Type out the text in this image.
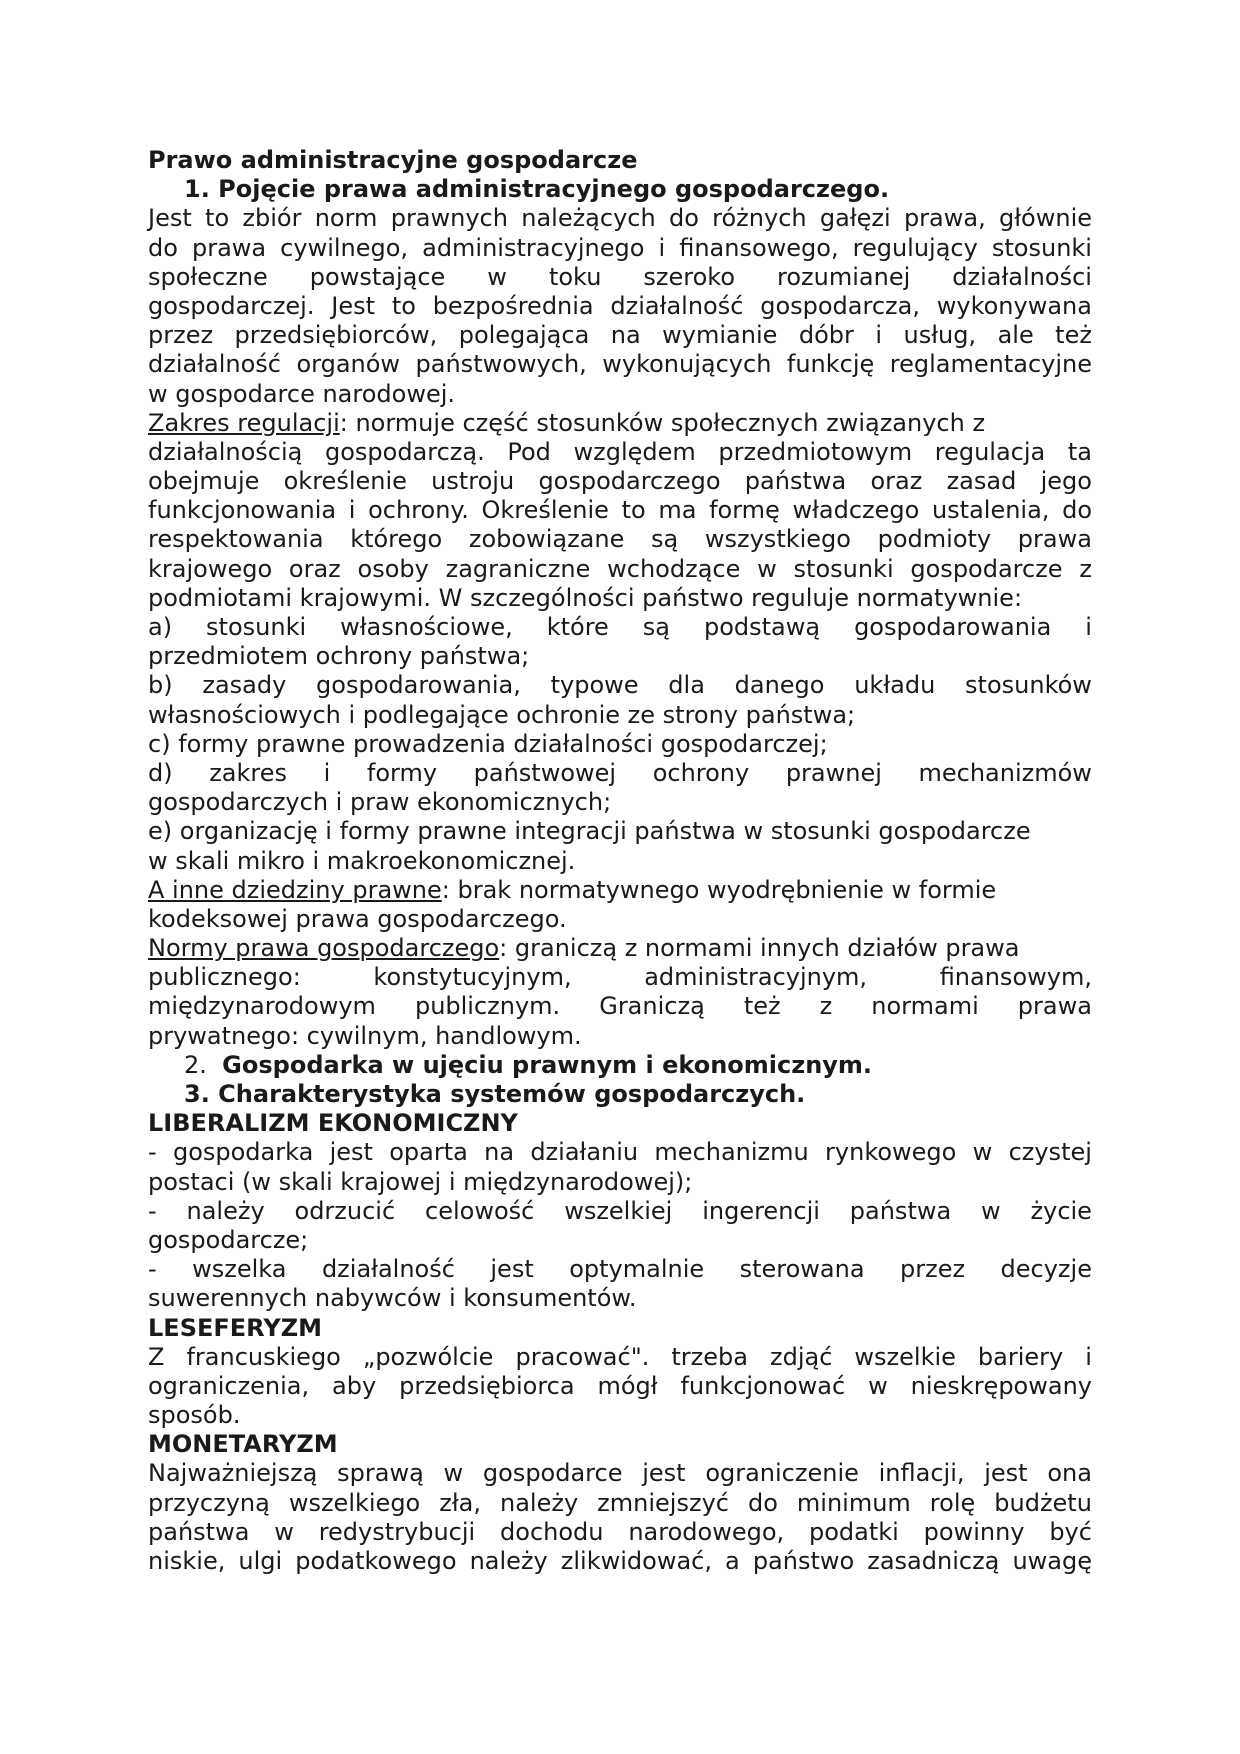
Prawo administracyjne gospodarcze
1. Pojęcie prawa administracyjnego gospodarczego.
Jest to zbiór norm prawnych należących do różnych gałęzi prawa, głównie
do prawa cywilnego, administracyjnego i finansowego, regulujący stosunki
społeczne powstające w toku szeroko rozumianej działalności
gospodarczej. Jest to bezpośrednia działalność gospodarcza, wykonywana
przez przedsiębiorców, polegająca na wymianie dóbr i usług, ale też
działalność organów państwowych, wykonujących funkcję reglamentacyjne
w gospodarce narodowej.
Zakres regulacji: normuje część stosunków społecznych związanych z
działalnością gospodarczą. Pod względem przedmiotowym regulacja ta
obejmuje określenie ustroju gospodarczego państwa oraz zasad jego
funkcjonowania i ochrony. Określenie to ma formę władczego ustalenia, do
respektowania którego zobowiązane są wszystkiego podmioty prawa
krajowego oraz osoby zagraniczne wchodzące w stosunki gospodarcze z
podmiotami krajowymi. W szczególności państwo reguluje normatywnie:
a) stosunki własnościowe, które są podstawą gospodarowania i
przedmiotem ochrony państwa;
b) zasady gospodarowania, typowe dla danego układu stosunków
własnościowych i podlegające ochronie ze strony państwa;
c) formy prawne prowadzenia działalności gospodarczej;
d) zakres i formy państwowej ochrony prawnej mechanizmów
gospodarczych i praw ekonomicznych;
e) organizację i formy prawne integracji państwa w stosunki gospodarcze
w skali mikro i makroekonomicznej.
A inne dziedziny prawne: brak normatywnego wyodrębnienie w formie
kodeksowej prawa gospodarczego.
Normy prawa gospodarczego: graniczą z normami innych działów prawa
publicznego:	konstytucyjnym,	administracyjnym,	finansowym,
międzynarodowym publicznym. Graniczą też z normami prawa
prywatnego: cywilnym, handlowym.
2. Gospodarka w ujęciu prawnym i ekonomicznym.
3. Charakterystyka systemów gospodarczych.
LIBERALIZM EKONOMICZNY
- gospodarka jest oparta na działaniu mechanizmu rynkowego w czystej
postaci (w skali krajowej i międzynarodowej);
- należy odrzucić celowość wszelkiej ingerencji państwa w życie
gospodarcze;
- wszelka działalność jest optymalnie sterowana przez decyzje
suwerennych nabywców i konsumentów.
LESEFERYZM
Z francuskiego „pozwólcie pracować". trzeba zdjąć wszelkie bariery i
ograniczenia, aby przedsiębiorca mógł funkcjonować w nieskrępowany
sposób.
MONETARYZM
Najważniejszą sprawą w gospodarce jest ograniczenie inflacji, jest ona
przyczyną wszelkiego zła, należy zmniejszyć do minimum rolę budżetu
państwa w redystrybucji dochodu narodowego, podatki powinny być
niskie, ulgi podatkowego należy zlikwidować, a państwo zasadniczą uwagę
